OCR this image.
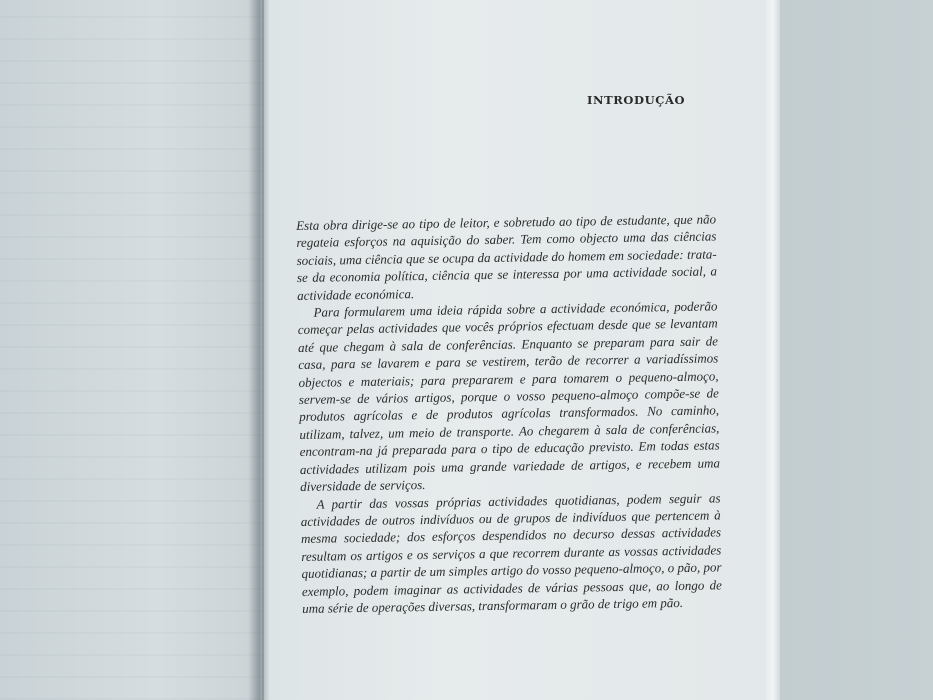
INTRODUÇÃO

Esta obra dirige-se ao tipo de leitor, e sobretudo ao tipo de estudante, que não regateia esforços na aquisição do saber. Tem como objecto uma das ciências sociais, uma ciência que se ocupa da actividade do homem em sociedade: trata-se da economia política, ciência que se interessa por uma actividade social, a actividade económica.

Para formularem uma ideia rápida sobre a actividade económica, poderão começar pelas actividades que vocês próprios efectuam desde que se levantam até que chegam à sala de conferências. Enquanto se preparam para sair de casa, para se lavarem e para se vestirem, terão de recorrer a variadíssimos objectos e materiais; para prepararem e para tomarem o pequeno-almoço, servem-se de vários artigos, porque o vosso pequeno-almoço compõe-se de produtos agrícolas e de produtos agrícolas transformados. No caminho, utilizam, talvez, um meio de transporte. Ao chegarem à sala de conferências, encontram-na já preparada para o tipo de educação previsto. Em todas estas actividades utilizam pois uma grande variedade de artigos, e recebem uma diversidade de serviços.

A partir das vossas próprias actividades quotidianas, podem seguir as actividades de outros indivíduos ou de grupos de indivíduos que pertencem à mesma sociedade; dos esforços despendidos no decurso dessas actividades resultam os artigos e os serviços a que recorrem durante as vossas actividades quotidianas; a partir de um simples artigo do vosso pequeno-almoço, o pão, por exemplo, podem imaginar as actividades de várias pessoas que, ao longo de uma série de operações diversas, transformaram o grão de trigo em pão.
